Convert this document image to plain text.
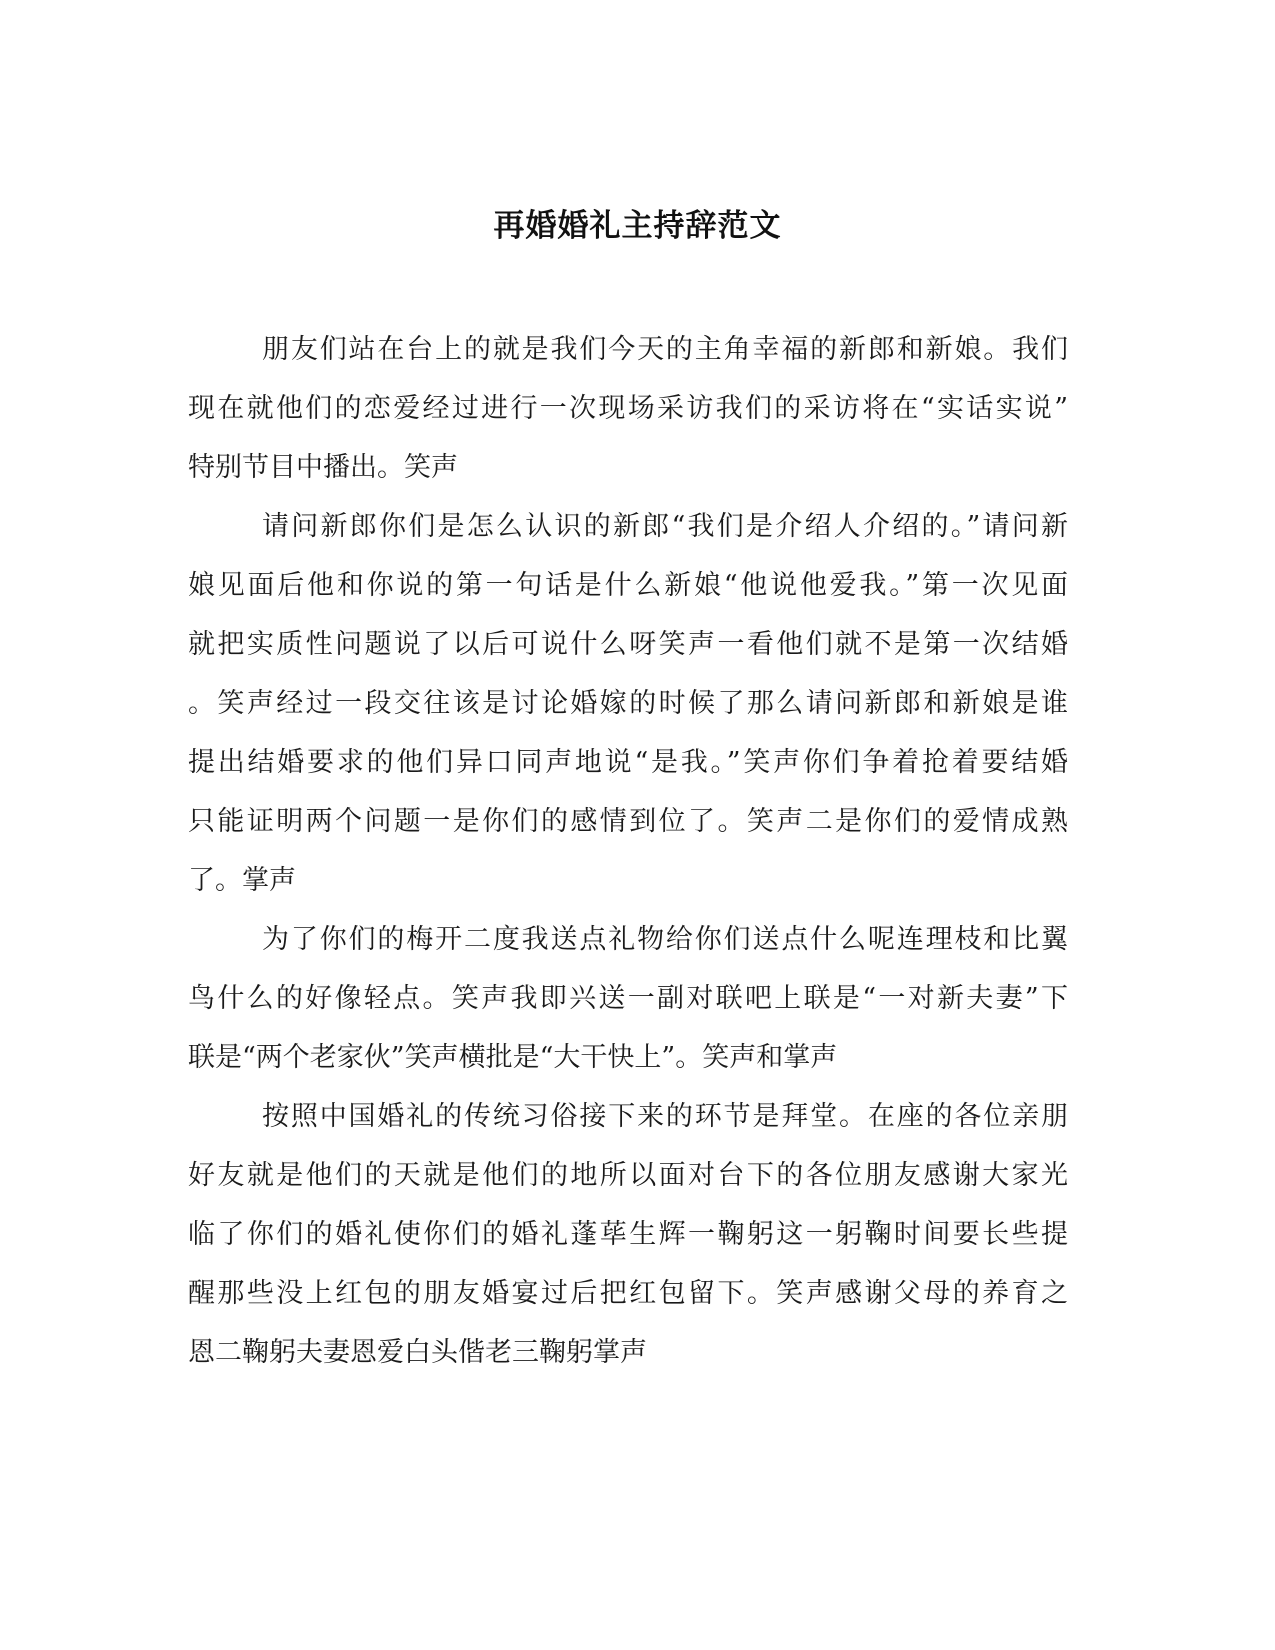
再婚婚礼主持辞范文
朋友们站在台上的就是我们今天的主角幸福的新郎和新娘。我们
现在就他们的恋爱经过进行一次现场采访我们的采访将在“实话实说”
特别节目中播出。笑声
请问新郎你们是怎么认识的新郎“我们是介绍人介绍的。”请问新
娘见面后他和你说的第一句话是什么新娘“他说他爱我。”第一次见面
就把实质性问题说了以后可说什么呀笑声一看他们就不是第一次结婚
。笑声经过一段交往该是讨论婚嫁的时候了那么请问新郎和新娘是谁
提出结婚要求的他们异口同声地说“是我。”笑声你们争着抢着要结婚
只能证明两个问题一是你们的感情到位了。笑声二是你们的爱情成熟
了。掌声
为了你们的梅开二度我送点礼物给你们送点什么呢连理枝和比翼
鸟什么的好像轻点。笑声我即兴送一副对联吧上联是“一对新夫妻”下
联是“两个老家伙”笑声横批是“大干快上”。笑声和掌声
按照中国婚礼的传统习俗接下来的环节是拜堂。在座的各位亲朋
好友就是他们的天就是他们的地所以面对台下的各位朋友感谢大家光
临了你们的婚礼使你们的婚礼蓬荜生辉一鞠躬这一躬鞠时间要长些提
醒那些没上红包的朋友婚宴过后把红包留下。笑声感谢父母的养育之
恩二鞠躬夫妻恩爱白头偕老三鞠躬掌声
